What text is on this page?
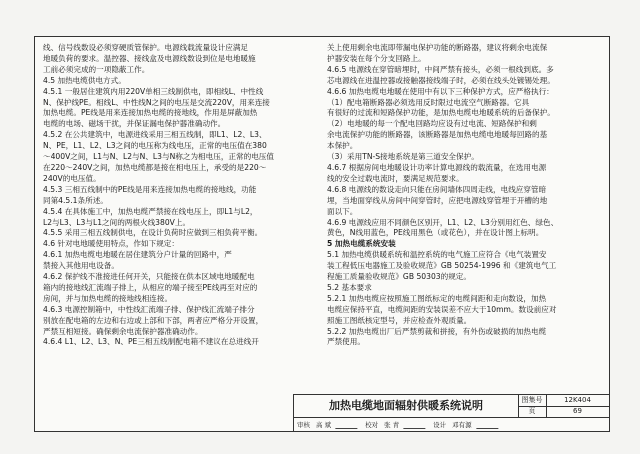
线、信号线数设必须穿硬质管保护。电源线载流量设计应满足
地暖负荷的要求。温控器、接线盒及电源线数设到位是电地暖施
工前必须完成的一项隐蔽工作。
4.5 加热电缆供电方式。
4.5.1 一般居住建筑内用220V单相三线制供电，即相线L、中性线
N、保护线PE。相线L、中性线N之间的电压是交流220V，用来连接
加热电缆。PE线是用来连接加热电缆的接地线，作用是屏蔽加热
电缆的电场、磁场干扰，并保证漏电保护器准确动作。
4.5.2 在公共建筑中，电源进线采用三相五线制，即L1、L2、L3、
N、PE，L1、L2、L3之间的电压称为线电压，正常的电压值在380
～400V之间，L1与N、L2与N、L3与N称之为相电压，正常的电压值
在220～240V之间，加热电缆都是接在相电压上，承受的是220～
240V的电压值。
4.5.3 三相五线制中的PE线是用来连接加热电缆的接地线，功能
同第4.5.1条所述。
4.5.4 在具体施工中，加热电缆严禁接在线电压上，即L1与L2，
L2与L3、L3与L1之间的两根火线380V上。
4.5.5 采用三相五线制供电，在设计负荷时应做到三相负荷平衡。
4.6 针对电地暖使用特点，作如下规定：
4.6.1 加热电缆电地暖在居住建筑分户计量的回路中，严
禁接入其他用电设备。
4.6.2 保护线不准接进任何开关，只能接在供本区域电地暖配电
箱内的接地线汇流端子排上，从相应的端子接至PE线再至对应的
房间，并与加热电缆的接地线相连接。
4.6.3 电源控制箱中，中性线汇流端子排、保护线汇流端子排分
别放在配电箱的左边和右边或上部和下部，两者应严格分开设置，
严禁互相短接。确保剩余电流保护器准确动作。
4.6.4 L1、L2、L3、N、PE三相五线制配电箱不建议在总进线开
关上使用剩余电流即带漏电保护功能的断路器，建议将剩余电流保
护器安装在每个分支回路上。
4.6.5 电源线在穿管暗埋时，中间严禁有接头，必须一根线到底。多
芯电源线在进温控器或接触器接线端子时，必须在线头处镀锡处理。
4.6.6 加热电缆电地暖在使用中有以下三种保护方式，应严格执行：
（1）配电箱断路器必须选用反时限过电流空气断路器。它具
有很好的过流和短路保护功能，是加热电缆电地暖系统的后备保护。
（2）电地暖的每一个配电回路均应设有过电流、短路保护和剩
余电流保护功能的断路器，该断路器是加热电缆电地暖每回路的基
本保护。
（3）采用TN-S接地系统是第三道安全保护。
4.6.7 根据房间电地暖设计功率计算电源线的载流量，在选用电源
线的安全过载电流时，要满足规范要求。
4.6.8 电源线的数设走向只能在房间墙体四周走线，电线应穿管暗
埋，当地面穿线从房间中间穿管时，应把电源线穿管埋于开槽的地
面以下。
4.6.9 电源线应用不同颜色区别开，L1、L2、L3分别用红色、绿色、
黄色，N线用蓝色，PE线用黑色（或花色），并在设计图上标明。
5 加热电缆系统安装
5.1 加热电缆供暖系统和温控系统的电气施工应符合《电气装置安
装工程低压电器施工及验收规范》GB 50254-1996 和《建筑电气工
程施工质量验收规范》GB 50303的规定。
5.2 基本要求
5.2.1 加热电缆应按照施工图纸标定的电缆间距和走向数设，加热
电缆应保持平直，电缆间距的安装误差不应大于10mm。数设前应对
照施工图纸核定型号，并应检查外观质量。
5.2.2 加热电缆出厂后严禁剪裁和拼接，有外伤或破损的加热电缆
严禁使用。
加热电缆地面辐射供暖系统说明	图集号	12K404
页	69
审核 高 斌	校对 张 青	设计 邓有源
